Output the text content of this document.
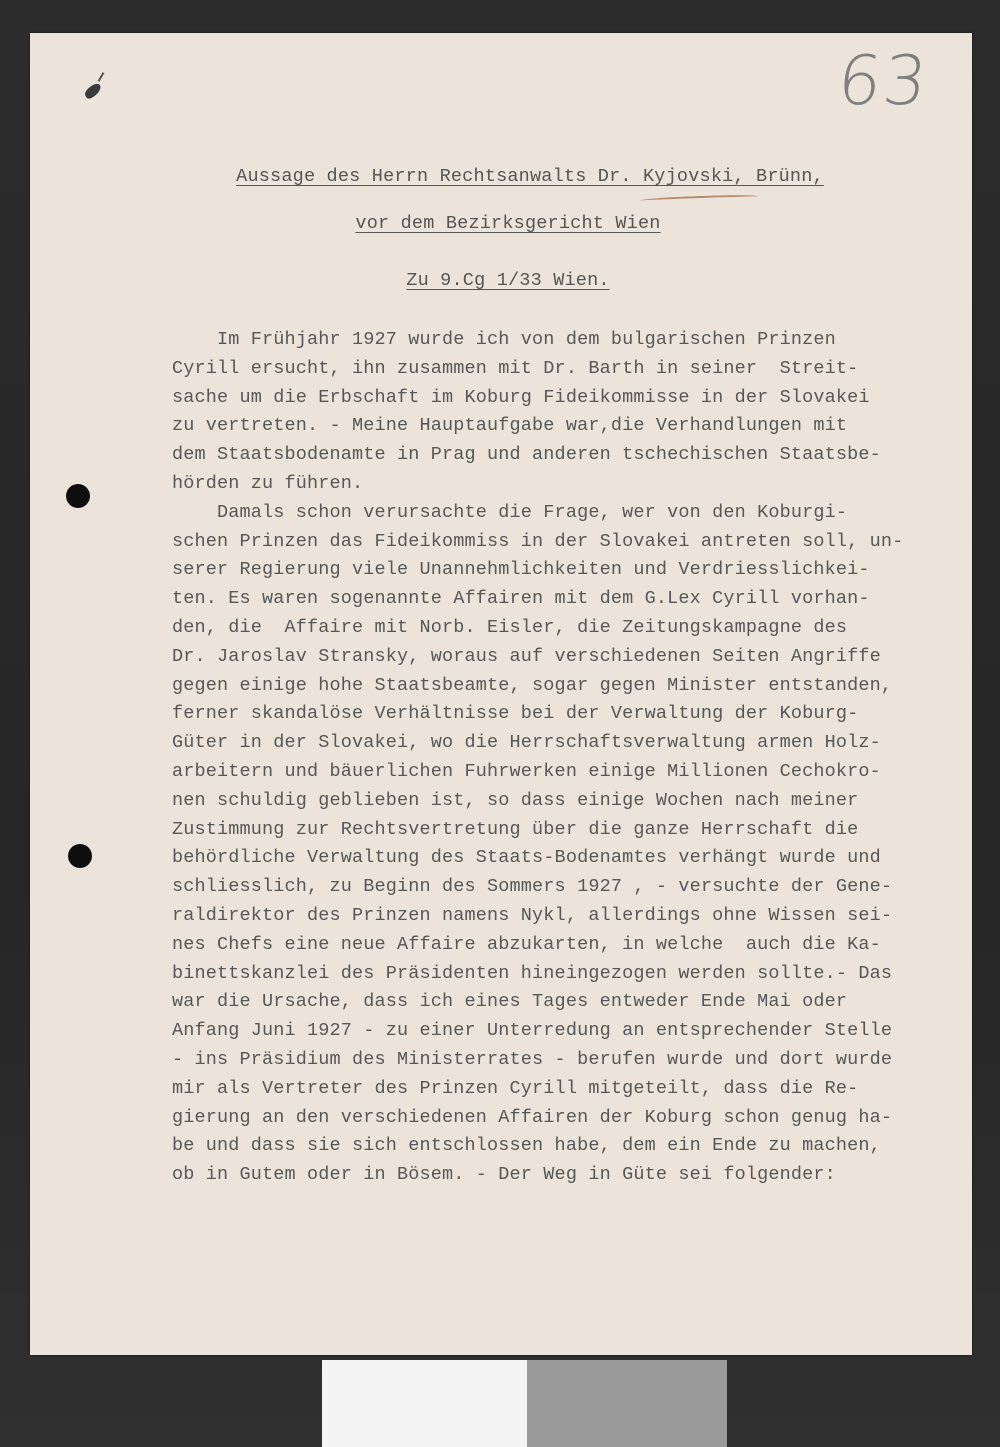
63
Aussage des Herrn Rechtsanwalts Dr. Kyjovski, Brünn,
vor dem Bezirksgericht Wien
Zu 9.Cg 1/33 Wien.
Im Frühjahr 1927 wurde ich von dem bulgarischen Prinzen
Cyrill ersucht, ihn zusammen mit Dr. Barth in seiner  Streit-
sache um die Erbschaft im Koburg Fideikommisse in der Slovakei
zu vertreten. - Meine Hauptaufgabe war,die Verhandlungen mit
dem Staatsbodenamte in Prag und anderen tschechischen Staatsbe-
hörden zu führen.
Damals schon verursachte die Frage, wer von den Koburgi-
schen Prinzen das Fideikommiss in der Slovakei antreten soll, un-
serer Regierung viele Unannehmlichkeiten und Verdriesslichkei-
ten. Es waren sogenannte Affairen mit dem G.Lex Cyrill vorhan-
den, die  Affaire mit Norb. Eisler, die Zeitungskampagne des
Dr. Jaroslav Stransky, woraus auf verschiedenen Seiten Angriffe
gegen einige hohe Staatsbeamte, sogar gegen Minister entstanden,
ferner skandalöse Verhältnisse bei der Verwaltung der Koburg-
Güter in der Slovakei, wo die Herrschaftsverwaltung armen Holz-
arbeitern und bäuerlichen Fuhrwerken einige Millionen Cechokro-
nen schuldig geblieben ist, so dass einige Wochen nach meiner
Zustimmung zur Rechtsvertretung über die ganze Herrschaft die
behördliche Verwaltung des Staats-Bodenamtes verhängt wurde und
schliesslich, zu Beginn des Sommers 1927 , - versuchte der Gene-
raldirektor des Prinzen namens Nykl, allerdings ohne Wissen sei-
nes Chefs eine neue Affaire abzukarten, in welche  auch die Ka-
binettskanzlei des Präsidenten hineingezogen werden sollte.- Das
war die Ursache, dass ich eines Tages entweder Ende Mai oder
Anfang Juni 1927 - zu einer Unterredung an entsprechender Stelle
- ins Präsidium des Ministerrates - berufen wurde und dort wurde
mir als Vertreter des Prinzen Cyrill mitgeteilt, dass die Re-
gierung an den verschiedenen Affairen der Koburg schon genug ha-
be und dass sie sich entschlossen habe, dem ein Ende zu machen,
ob in Gutem oder in Bösem. - Der Weg in Güte sei folgender:
